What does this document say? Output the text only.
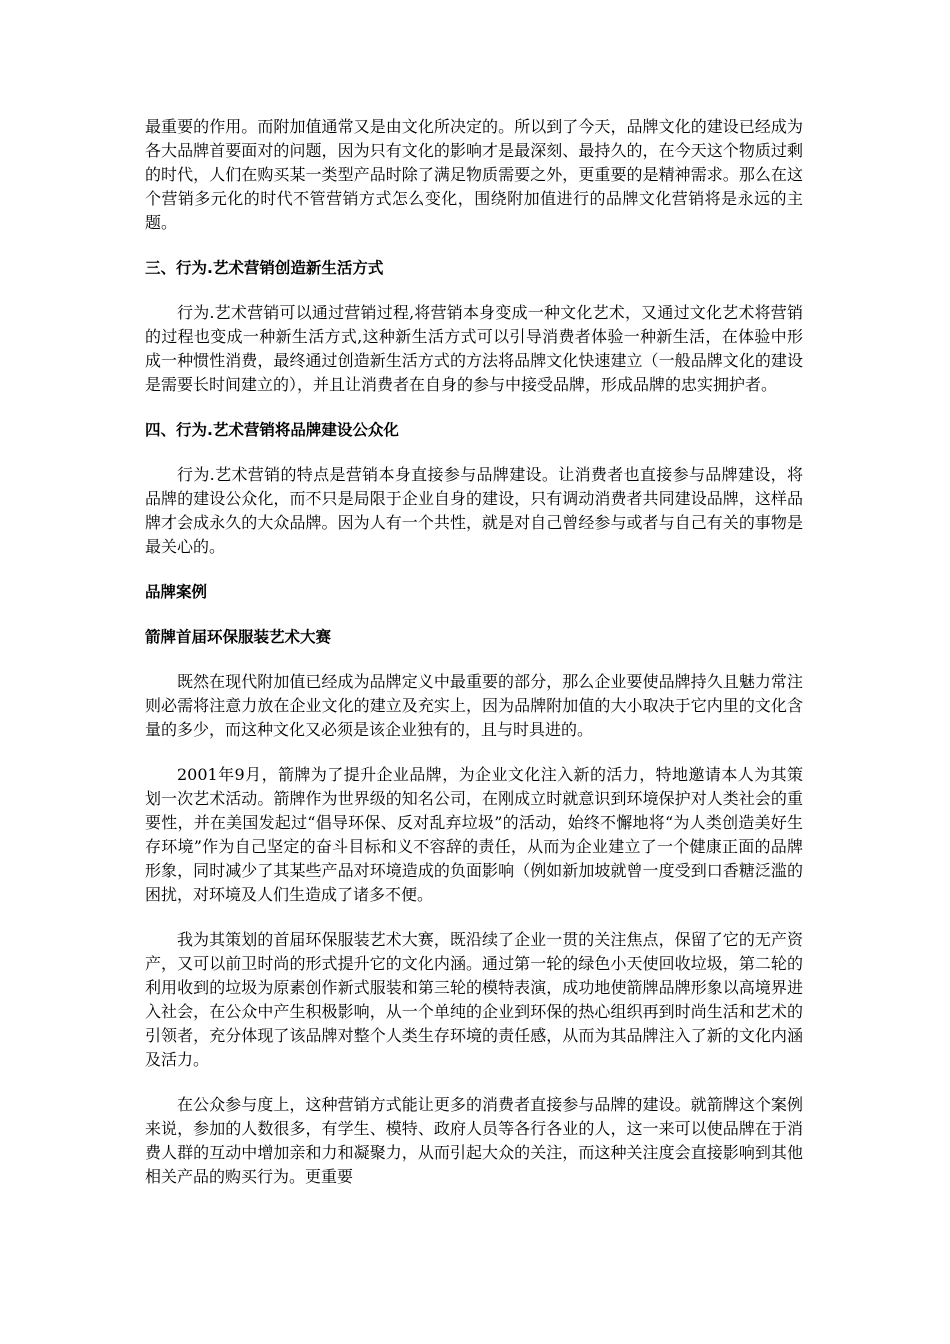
最重要的作用。而附加值通常又是由文化所决定的。所以到了今天，品牌文化的建设已经成为各大品牌首要面对的问题，因为只有文化的影响才是最深刻、最持久的，在今天这个物质过剩的时代，人们在购买某一类型产品时除了满足物质需要之外，更重要的是精神需求。那么在这个营销多元化的时代不管营销方式怎么变化，围绕附加值进行的品牌文化营销将是永远的主题。

三、行为.艺术营销创造新生活方式

行为.艺术营销可以通过营销过程,将营销本身变成一种文化艺术，又通过文化艺术将营销的过程也变成一种新生活方式,这种新生活方式可以引导消费者体验一种新生活，在体验中形成一种惯性消费，最终通过创造新生活方式的方法将品牌文化快速建立（一般品牌文化的建设是需要长时间建立的），并且让消费者在自身的参与中接受品牌，形成品牌的忠实拥护者。

四、行为.艺术营销将品牌建设公众化

行为.艺术营销的特点是营销本身直接参与品牌建设。让消费者也直接参与品牌建设，将品牌的建设公众化，而不只是局限于企业自身的建设，只有调动消费者共同建设品牌，这样品牌才会成永久的大众品牌。因为人有一个共性，就是对自己曾经参与或者与自己有关的事物是最关心的。

品牌案例

箭牌首届环保服装艺术大赛

既然在现代附加值已经成为品牌定义中最重要的部分，那么企业要使品牌持久且魅力常注则必需将注意力放在企业文化的建立及充实上，因为品牌附加值的大小取决于它内里的文化含量的多少，而这种文化又必须是该企业独有的，且与时具进的。

2001年9月，箭牌为了提升企业品牌，为企业文化注入新的活力，特地邀请本人为其策划一次艺术活动。箭牌作为世界级的知名公司，在刚成立时就意识到环境保护对人类社会的重要性，并在美国发起过“倡导环保、反对乱弃垃圾”的活动，始终不懈地将“为人类创造美好生存环境”作为自己坚定的奋斗目标和义不容辞的责任，从而为企业建立了一个健康正面的品牌形象，同时减少了其某些产品对环境造成的负面影响（例如新加坡就曾一度受到口香糖泛滥的困扰，对环境及人们生造成了诸多不便。

我为其策划的首届环保服装艺术大赛，既沿续了企业一贯的关注焦点，保留了它的无产资产，又可以前卫时尚的形式提升它的文化内涵。通过第一轮的绿色小天使回收垃圾，第二轮的利用收到的垃圾为原素创作新式服装和第三轮的模特表演，成功地使箭牌品牌形象以高境界进入社会，在公众中产生积极影响，从一个单纯的企业到环保的热心组织再到时尚生活和艺术的引领者，充分体现了该品牌对整个人类生存环境的责任感，从而为其品牌注入了新的文化内涵及活力。

在公众参与度上，这种营销方式能让更多的消费者直接参与品牌的建设。就箭牌这个案例来说，参加的人数很多，有学生、模特、政府人员等各行各业的人，这一来可以使品牌在于消费人群的互动中增加亲和力和凝聚力，从而引起大众的关注，而这种关注度会直接影响到其他相关产品的购买行为。更重要
